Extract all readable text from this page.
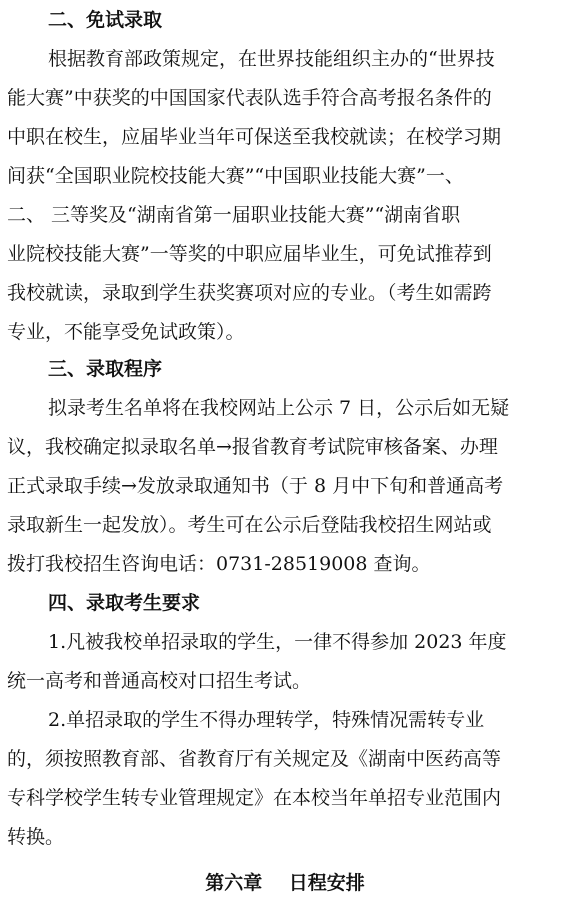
二、免试录取
根据教育部政策规定，在世界技能组织主办的“世界技
能大赛”中获奖的中国国家代表队选手符合高考报名条件的
中职在校生，应届毕业当年可保送至我校就读；在校学习期
间获“全国职业院校技能大赛”“中国职业技能大赛”一、
二、 三等奖及“湖南省第一届职业技能大赛”“湖南省职
业院校技能大赛”一等奖的中职应届毕业生，可免试推荐到
我校就读，录取到学生获奖赛项对应的专业。（考生如需跨
专业，不能享受免试政策）。
三、录取程序
拟录考生名单将在我校网站上公示 7 日，公示后如无疑
议，我校确定拟录取名单→报省教育考试院审核备案、办理
正式录取手续→发放录取通知书（于 8 月中下旬和普通高考
录取新生一起发放）。考生可在公示后登陆我校招生网站或
拨打我校招生咨询电话：0731-28519008 查询。
四、录取考生要求
1.凡被我校单招录取的学生，一律不得参加 2023 年度
统一高考和普通高校对口招生考试。
2.单招录取的学生不得办理转学，特殊情况需转专业
的，须按照教育部、省教育厅有关规定及《湖南中医药高等
专科学校学生转专业管理规定》在本校当年单招专业范围内
转换。
第六章    日程安排
